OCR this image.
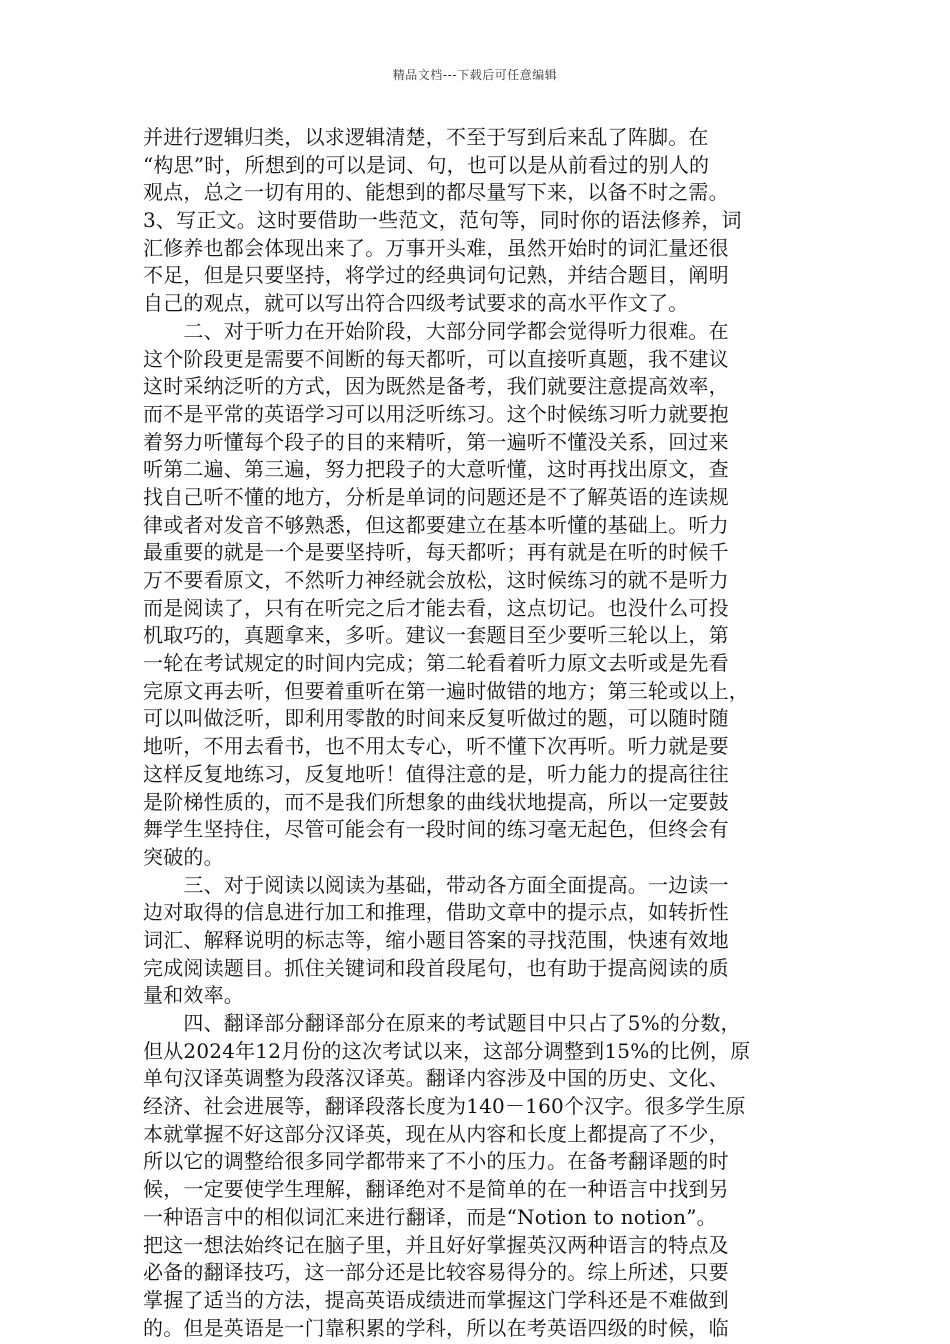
精品文档---下载后可任意编辑
并进行逻辑归类，以求逻辑清楚，不至于写到后来乱了阵脚。在
“构思”时，所想到的可以是词、句，也可以是从前看过的别人的
观点，总之一切有用的、能想到的都尽量写下来，以备不时之需。
3、写正文。这时要借助一些范文，范句等，同时你的语法修养，词
汇修养也都会体现出来了。万事开头难，虽然开始时的词汇量还很
不足，但是只要坚持，将学过的经典词句记熟，并结合题目，阐明
自己的观点，就可以写出符合四级考试要求的高水平作文了。
　　二、对于听力在开始阶段，大部分同学都会觉得听力很难。在
这个阶段更是需要不间断的每天都听，可以直接听真题，我不建议
这时采纳泛听的方式，因为既然是备考，我们就要注意提高效率，
而不是平常的英语学习可以用泛听练习。这个时候练习听力就要抱
着努力听懂每个段子的目的来精听，第一遍听不懂没关系，回过来
听第二遍、第三遍，努力把段子的大意听懂，这时再找出原文，查
找自己听不懂的地方，分析是单词的问题还是不了解英语的连读规
律或者对发音不够熟悉，但这都要建立在基本听懂的基础上。听力
最重要的就是一个是要坚持听，每天都听；再有就是在听的时候千
万不要看原文，不然听力神经就会放松，这时候练习的就不是听力
而是阅读了，只有在听完之后才能去看，这点切记。也没什么可投
机取巧的，真题拿来，多听。建议一套题目至少要听三轮以上，第
一轮在考试规定的时间内完成；第二轮看着听力原文去听或是先看
完原文再去听，但要着重听在第一遍时做错的地方；第三轮或以上，
可以叫做泛听，即利用零散的时间来反复听做过的题，可以随时随
地听，不用去看书，也不用太专心，听不懂下次再听。听力就是要
这样反复地练习，反复地听！值得注意的是，听力能力的提高往往
是阶梯性质的，而不是我们所想象的曲线状地提高，所以一定要鼓
舞学生坚持住，尽管可能会有一段时间的练习毫无起色，但终会有
突破的。
　　三、对于阅读以阅读为基础，带动各方面全面提高。一边读一
边对取得的信息进行加工和推理，借助文章中的提示点，如转折性
词汇、解释说明的标志等，缩小题目答案的寻找范围，快速有效地
完成阅读题目。抓住关键词和段首段尾句，也有助于提高阅读的质
量和效率。
　　四、翻译部分翻译部分在原来的考试题目中只占了5%的分数，
但从2024年12月份的这次考试以来，这部分调整到15%的比例，原
单句汉译英调整为段落汉译英。翻译内容涉及中国的历史、文化、
经济、社会进展等，翻译段落长度为140－160个汉字。很多学生原
本就掌握不好这部分汉译英，现在从内容和长度上都提高了不少，
所以它的调整给很多同学都带来了不小的压力。在备考翻译题的时
候，一定要使学生理解，翻译绝对不是简单的在一种语言中找到另
一种语言中的相似词汇来进行翻译，而是“Notion to notion”。
把这一想法始终记在脑子里，并且好好掌握英汉两种语言的特点及
必备的翻译技巧，这一部分还是比较容易得分的。综上所述，只要
掌握了适当的方法，提高英语成绩进而掌握这门学科还是不难做到
的。但是英语是一门靠积累的学科，所以在考英语四级的时候，临
